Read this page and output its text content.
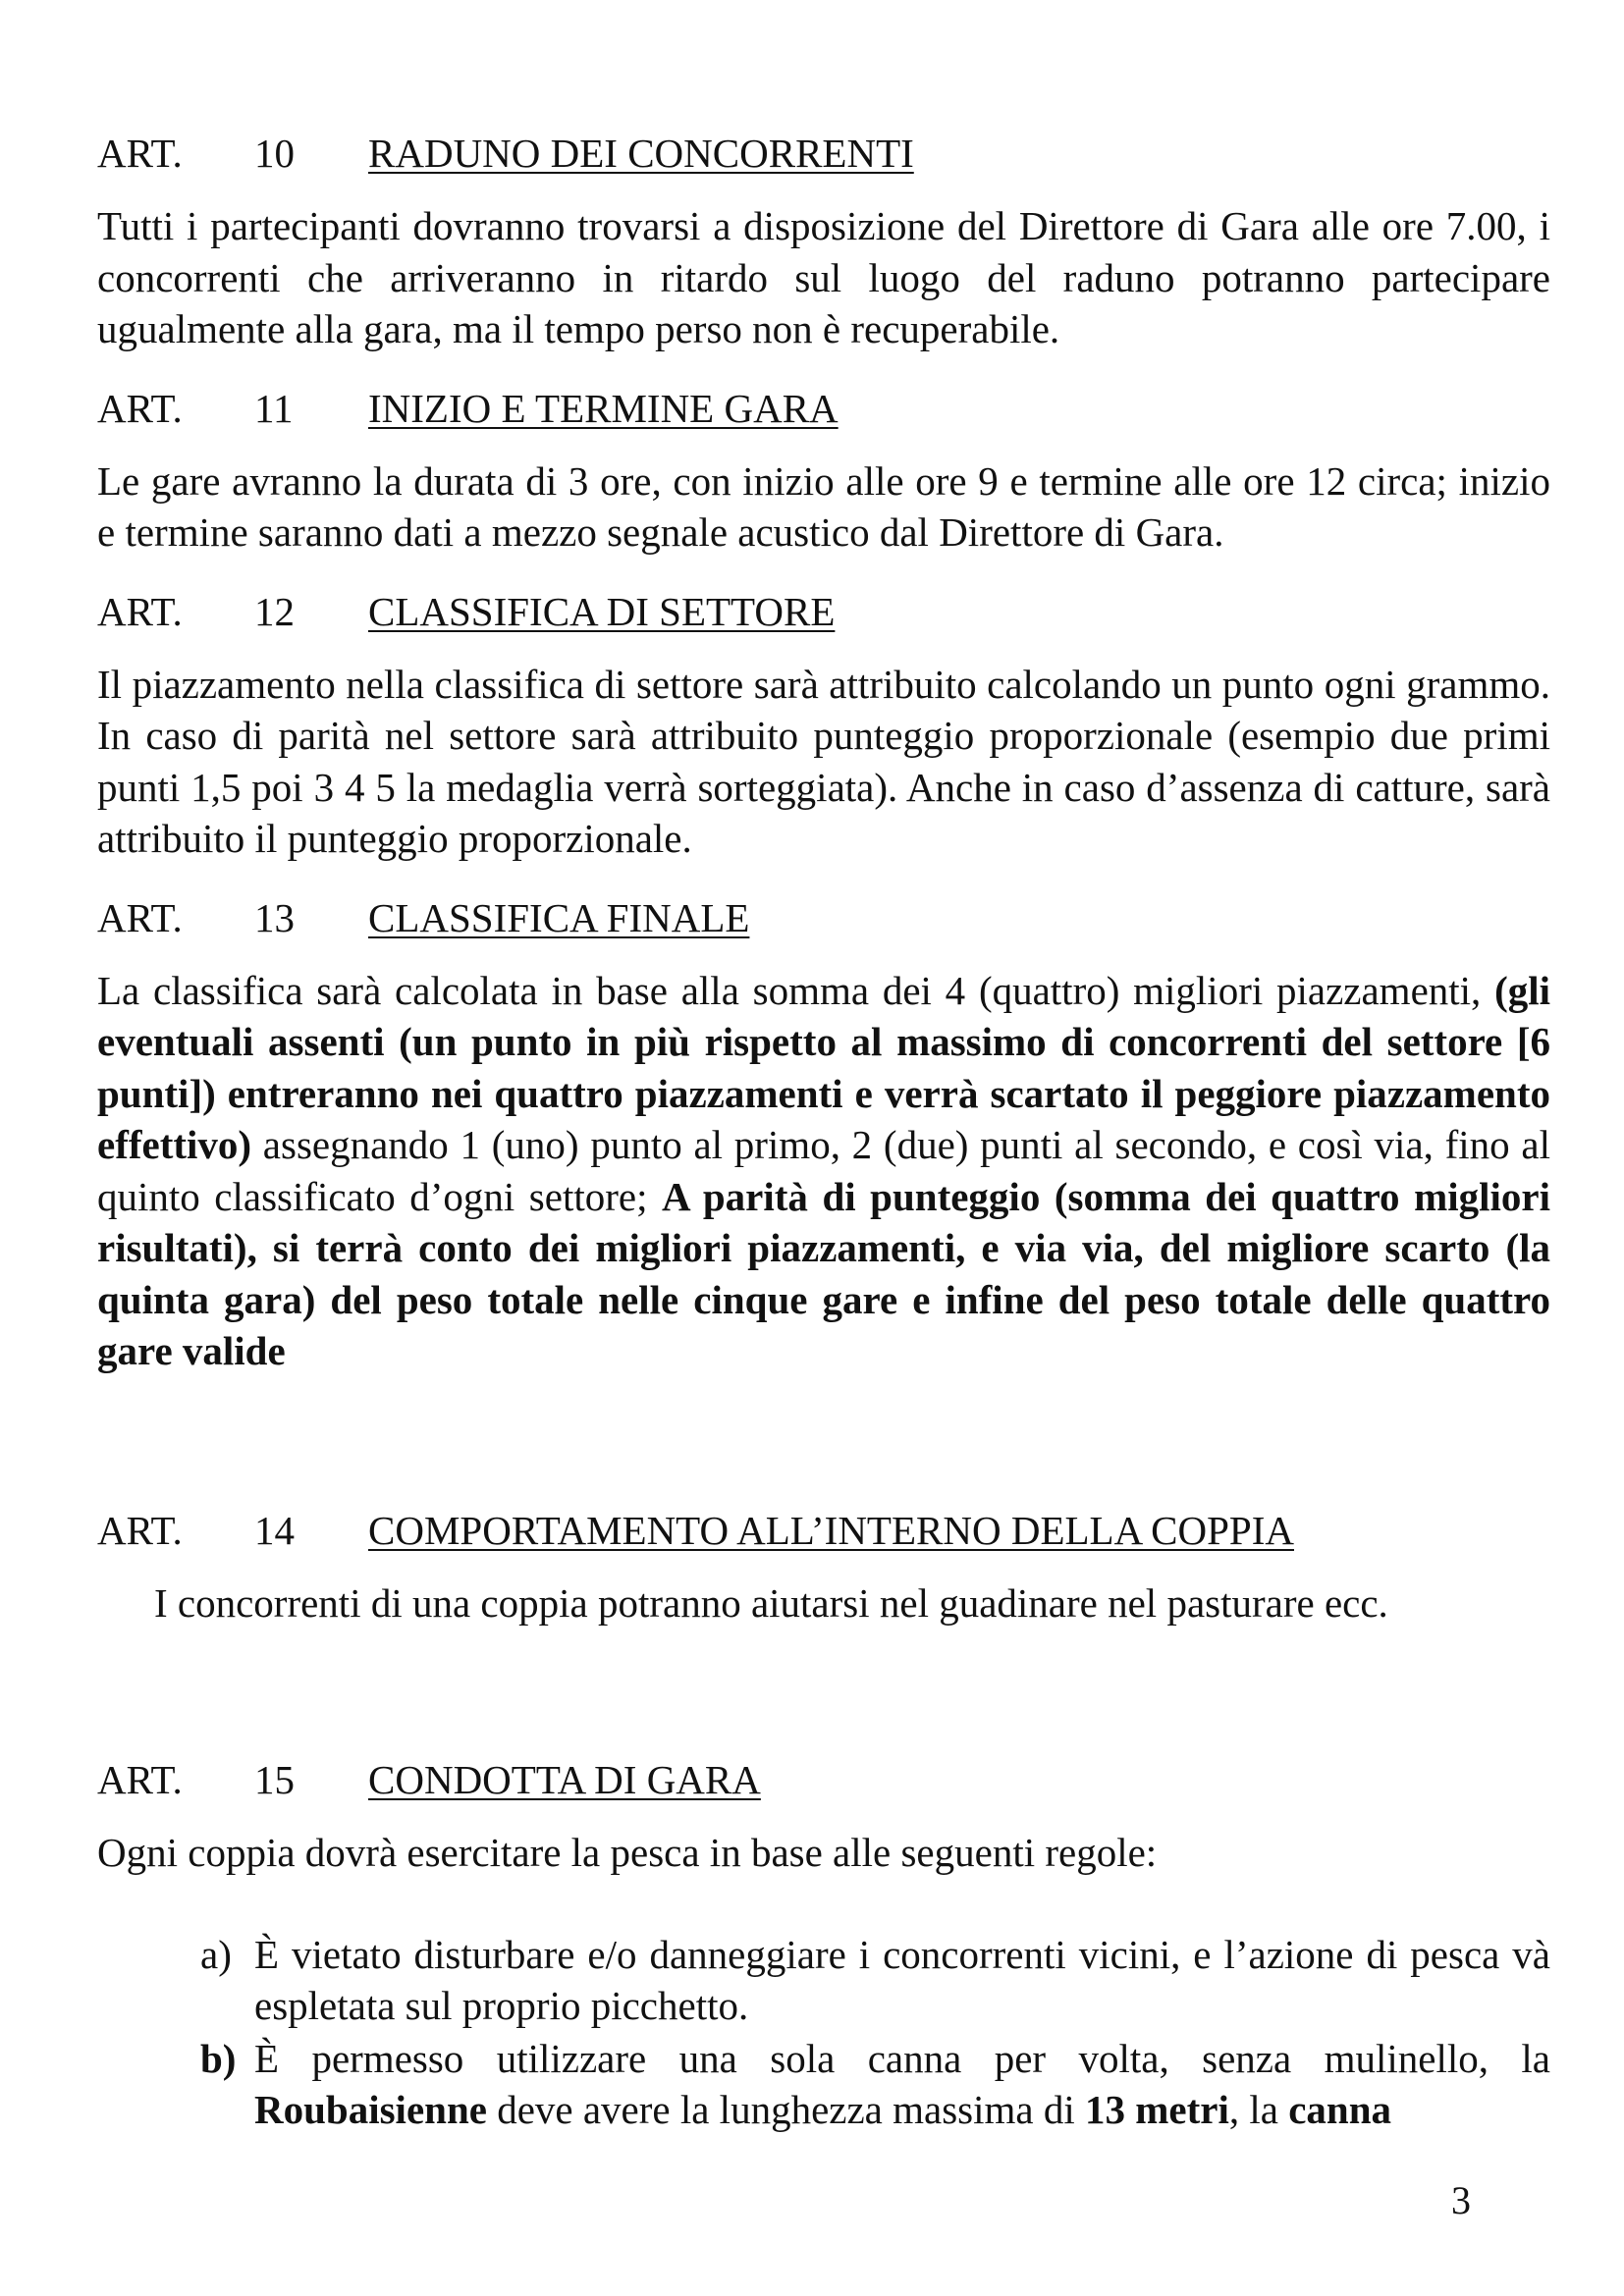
ART.	10	RADUNO DEI CONCORRENTI

Tutti i partecipanti dovranno trovarsi a disposizione del Direttore di Gara alle ore 7.00, i concorrenti che arriveranno in ritardo sul luogo del raduno potranno partecipare ugualmente alla gara, ma il tempo perso non è recuperabile.

ART.	11	INIZIO E TERMINE GARA

Le gare avranno la durata di 3 ore, con inizio alle ore 9 e termine alle ore 12 circa; inizio e termine saranno dati a mezzo segnale acustico dal Direttore di Gara.

ART.	12	CLASSIFICA DI SETTORE

Il piazzamento nella classifica di settore sarà attribuito calcolando un punto ogni grammo. In caso di parità nel settore sarà attribuito punteggio proporzionale (esempio due primi punti 1,5 poi 3 4 5 la medaglia verrà sorteggiata). Anche in caso d’assenza di catture, sarà attribuito il punteggio proporzionale.

ART.	13	CLASSIFICA FINALE

La classifica sarà calcolata in base alla somma dei 4 (quattro) migliori piazzamenti, (gli eventuali assenti (un punto in più rispetto al massimo di concorrenti del settore [6 punti]) entreranno nei quattro piazzamenti e verrà scartato il peggiore piazzamento effettivo) assegnando 1 (uno) punto al primo, 2 (due) punti al secondo, e così via, fino al quinto classificato d’ogni settore; A parità di punteggio (somma dei quattro migliori risultati), si terrà conto dei migliori piazzamenti, e via via, del migliore scarto (la quinta gara) del peso totale nelle cinque gare e infine del peso totale delle quattro gare valide

ART.	14	COMPORTAMENTO ALL’INTERNO DELLA COPPIA
I concorrenti di una coppia potranno aiutarsi nel guadinare nel pasturare ecc.
ART.	15	CONDOTTA DI GARA

Ogni coppia dovrà esercitare la pesca in base alle seguenti regole:

a) È vietato disturbare e/o danneggiare i concorrenti vicini, e l’azione di pesca và espletata sul proprio picchetto.
b) È permesso utilizzare una sola canna per volta, senza mulinello, la Roubaisienne deve avere la lunghezza massima di 13 metri, la canna
3
